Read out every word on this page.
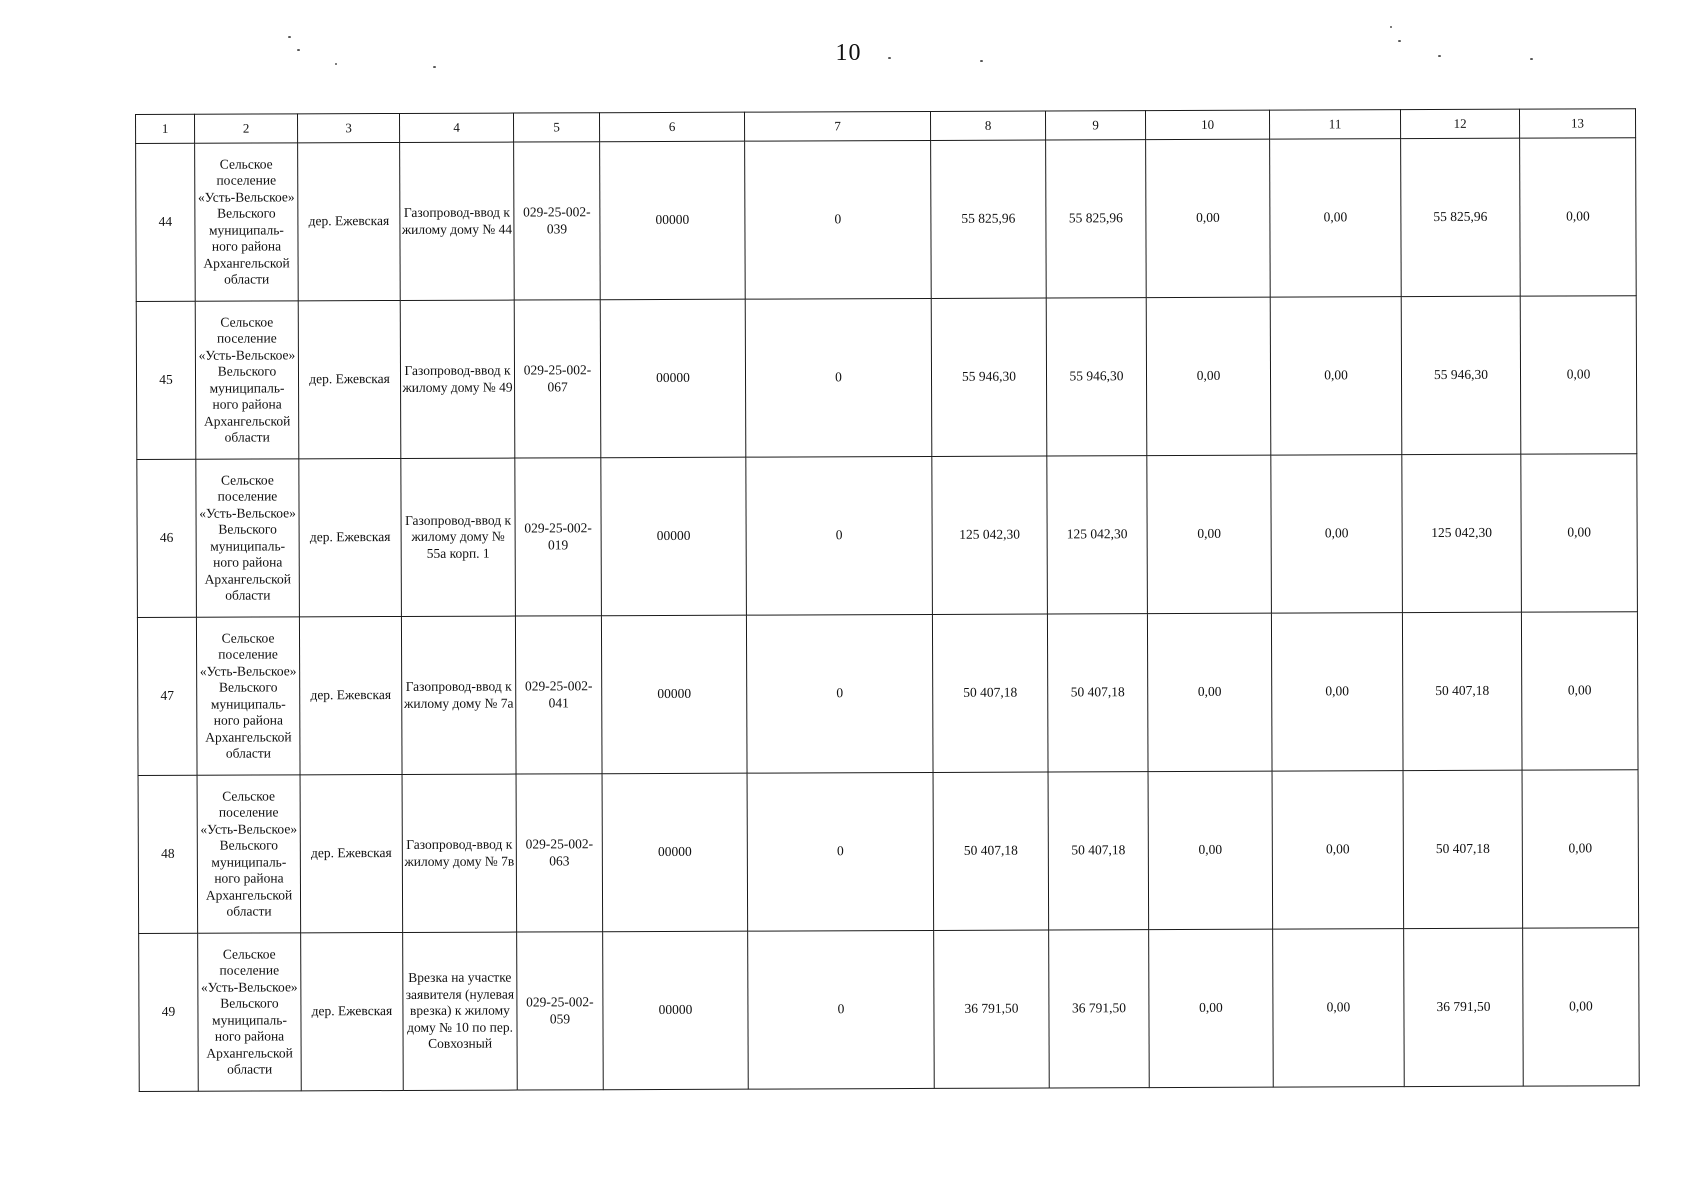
10
1	2	3	4	5	6	7	8	9	10	11	12	13
44	Сельское поселение «Усть-Вельское» Вельского муниципаль-ного района Архангельской области	дер. Ежевская	Газопровод-ввод к жилому дому № 44	029-25-002-039	00000	0	55 825,96	55 825,96	0,00	0,00	55 825,96	0,00
45	Сельское поселение «Усть-Вельское» Вельского муниципаль-ного района Архангельской области	дер. Ежевская	Газопровод-ввод к жилому дому № 49	029-25-002-067	00000	0	55 946,30	55 946,30	0,00	0,00	55 946,30	0,00
46	Сельское поселение «Усть-Вельское» Вельского муниципаль-ного района Архангельской области	дер. Ежевская	Газопровод-ввод к жилому дому № 55а корп. 1	029-25-002-019	00000	0	125 042,30	125 042,30	0,00	0,00	125 042,30	0,00
47	Сельское поселение «Усть-Вельское» Вельского муниципаль-ного района Архангельской области	дер. Ежевская	Газопровод-ввод к жилому дому № 7а	029-25-002-041	00000	0	50 407,18	50 407,18	0,00	0,00	50 407,18	0,00
48	Сельское поселение «Усть-Вельское» Вельского муниципаль-ного района Архангельской области	дер. Ежевская	Газопровод-ввод к жилому дому № 7в	029-25-002-063	00000	0	50 407,18	50 407,18	0,00	0,00	50 407,18	0,00
49	Сельское поселение «Усть-Вельское» Вельского муниципаль-ного района Архангельской области	дер. Ежевская	Врезка на участке заявителя (нулевая врезка) к жилому дому № 10 по пер. Совхозный	029-25-002-059	00000	0	36 791,50	36 791,50	0,00	0,00	36 791,50	0,00
